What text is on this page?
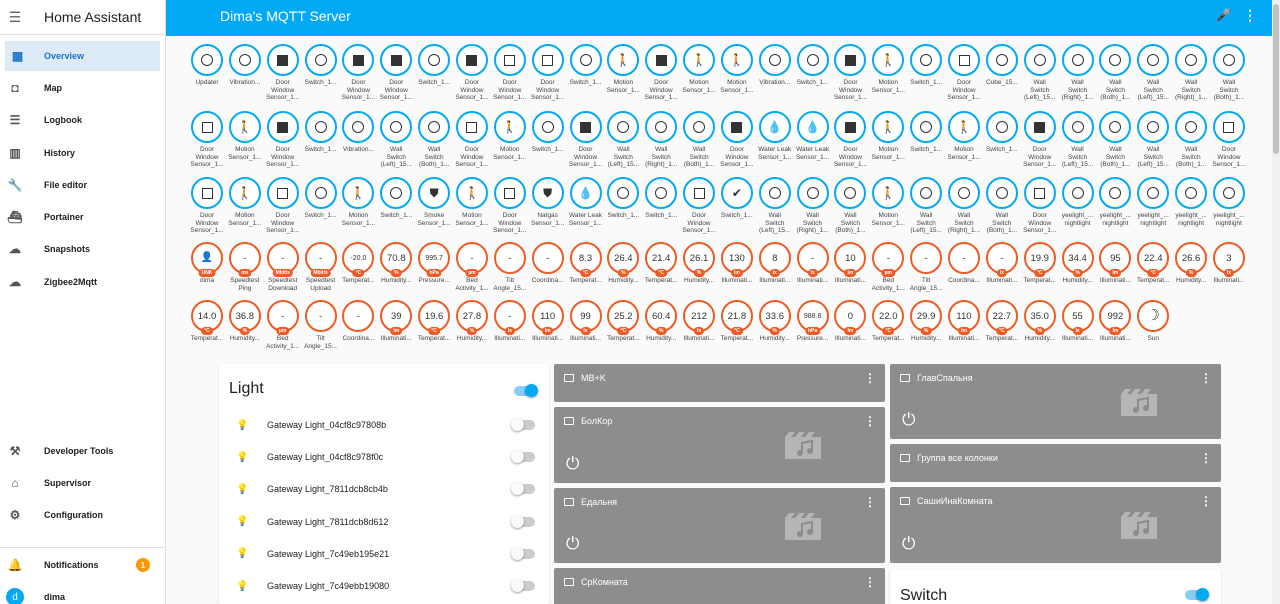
☰	Home Assistant
▦	Overview
◘	Map
☰	Logbook
▥	History
🔧	File editor
⛴	Portainer
☁	Snapshots
☁	Zigbee2Mqtt
⚒	Developer Tools
⌂	Supervisor
⚙	Configuration
🔔	Notifications	1
d	dima
Dima's MQTT Server	🎤 ⋮
Updater	Vibration...	Door
Window
Sensor_1...
Switch_1...	Door
Window
Sensor_1...
Door
Window
Sensor_1...
Switch_1...	Door
Window
Sensor_1...
Door
Window
Sensor_1...
Door
Window
Sensor_1...
Switch_1...
🚶
Motion
Sensor_1...
Door
Window
Sensor_1...
🚶
Motion
Sensor_1...
🚶
Motion
Sensor_1...
Vibration... Switch_1...	Door
Window
Sensor_1...
🚶
Motion
Sensor_1...
Switch_1...	Door
Window
Sensor_1...
Cube_15...	Wall
Switch
(Left)_15...
Wall
Switch
(Right)_1...
Wall
Switch
(Both)_1...
Wall
Switch
(Left)_15...
Wall
Switch
(Right)_1...
Wall
Switch
(Both)_1...
Door
Window
Sensor_1...
🚶
Motion
Sensor_1...
Door
Window
Sensor_1...
Switch_1... Vibration...	Wall
Switch
(Left)_15...
Wall
Switch
(Both)_1...
Door
Window
Sensor_1...
🚶
Motion
Sensor_1...
Switch_1...	Door
Window
Sensor_1...
Wall
Switch
(Left)_15...
Wall
Switch
(Right)_1...
Wall
Switch
(Both)_1...
Door
Window
Sensor_1...
💧
Water Leak
Sensor_1...
💧
Water Leak
Sensor_1...
Door
Window
Sensor_1...
🚶
Motion
Sensor_1...
Switch_1...
🚶
Motion
Sensor_1...
Switch_1...	Door
Window
Sensor_1...
Wall
Switch
(Left)_15...
Wall
Switch
(Both)_1...
Wall
Switch
(Left)_15...
Wall
Switch
(Both)_1...
Door
Window
Sensor_1...
Door
Window
Sensor_1...
🚶
Motion
Sensor_1...
Door
Window
Sensor_1...
Switch_1...
🚶
Motion
Sensor_1...
Switch_1...
⛊
Smoke
Sensor_1...
🚶
Motion
Sensor_1...
Door
Window
Sensor_1...
⛊
Natgas
Sensor_1...
💧
Water Leak
Sensor_1...
Switch_1... Switch_1...	Door
Window
Sensor_1...
✔
Switch_1...	Wall
Switch
(Left)_15...
Wall
Switch
(Right)_1...
Wall
Switch
(Both)_1...
🚶
Motion
Sensor_1...
Wall
Switch
(Left)_15...
Wall
Switch
(Right)_1...
Wall
Switch
(Both)_1...
Door
Window
Sensor_1...
yeelight_...
nightlight
yeelight_...
nightlight
yeelight_...
nightlight
yeelight_...
nightlight
yeelight_...
nightlight
👤
UNK
dima
-
ms
Speedtest
Ping
-
Mbit/s
Speedtest
Download
-
Mbit/s
Speedtest
Upload
-20.0
°C
Temperat...
70.8
%
Humidity...
995.7
hPa
Pressure...
-
µm
Bed
Activity_1...
-
Tilt
Angle_15...
-
Coordina...
8.3
°C
Temperat...
26.4
%
Humidity...
21.4
°C
Temperat...
26.1
%
Humidity...
130
lm
Illuminati...
8
lx
Illuminati...
-
lx
Illuminati...
10
lm
Illuminati...
-
µm
Bed
Activity_1...
-
Tilt
Angle_15...
-
Coordina...
-
lx
Illuminati...
19.9
°C
Temperat...
34.4
%
Humidity...
95
lm
Illuminati...
22.4
°C
Temperat...
26.6
%
Humidity...
3
lx
Illuminati...
14.0
°C
Temperat...
36.8
%
Humidity...
-
µm
Bed
Activity_1...
-
Tilt
Angle_15...
-
Coordina...
39
lm
Illuminati...
19.6
°C
Temperat...
27.8
%
Humidity...
-
lx
Illuminati...
110
lm
Illuminati...
99
lx
Illuminati...
25.2
°C
Temperat...
60.4
%
Humidity...
212
lx
Illuminati...
21.8
°C
Temperat...
33.6
%
Humidity...
988.8
hPa
Pressure...
0
lm
Illuminati...
22.0
°C
Temperat...
29.9
%
Humidity...
110
lm
Illuminati...
22.7
°C
Temperat...
35.0
%
Humidity...
55
lx
Illuminati...
992
lm
Illuminati...
☽
Sun
Light
💡 Gateway Light_04cf8c97808b
💡 Gateway Light_04cf8c978f0c
💡 Gateway Light_7811dcb8cb4b
💡 Gateway Light_7811dcb8d612
💡 Gateway Light_7c49eb195e21
💡 Gateway Light_7c49ebb19080
MB+K	⋮
БолКор	⋮
⏻
Едальня	⋮
⏻
СрКомната	⋮
ГлавСпальня	⋮
⏻
Группа все колонки	⋮
СашиИнаКомната	⋮
⏻
Switch
